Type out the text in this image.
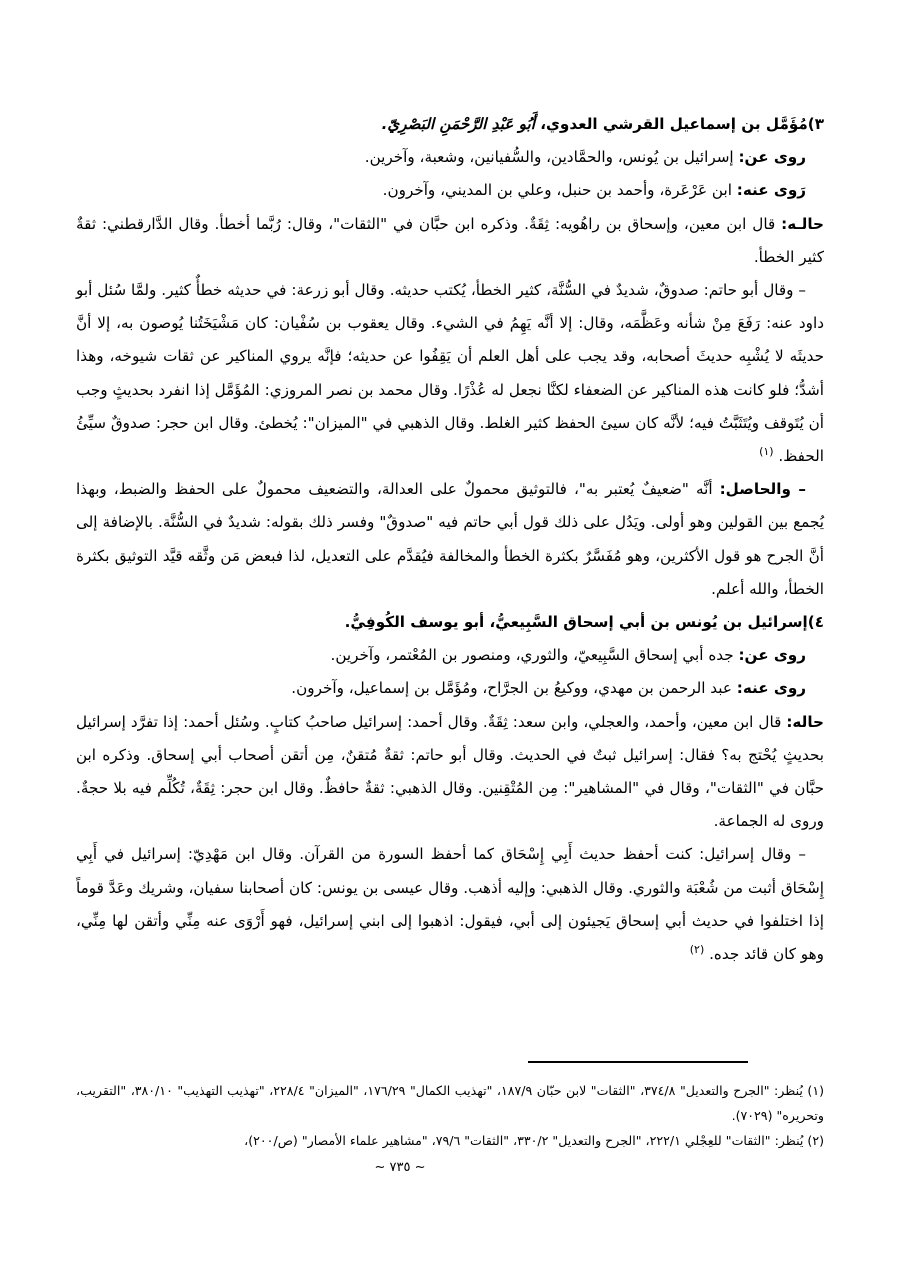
٣)مُؤَمَّل بن إسماعيل القرشي العدوي، أَبُو عَبْدِ الرَّحْمَنِ البَصْرِيّ.

روى عن: إسرائيل بن يُونس، والحمَّادين، والسُّفيانين، وشعبة، وآخرين.

رَوى عنه: ابن عَرْعَرة، وأحمد بن حنبل، وعلي بن المديني، وآخرون.

حالـه: قال ابن معين، وإسحاق بن راهُويه: ثِقَةٌ. وذكره ابن حبَّان في "الثقات"، وقال: رُبَّما أخطأ. وقال الدَّارقطني: ثقةٌ كثير الخطأ.

– وقال أبو حاتم: صدوقٌ، شديدٌ في السُّنَّة، كثير الخطأ، يُكتب حديثه. وقال أبو زرعة: في حديثه خطأٌ كثير. ولمَّا سُئل أبو داود عنه: رَفَعَ مِنْ شأنه وعَظَّمَه، وقال: إلا أنَّه يَهِمُ في الشيء. وقال يعقوب بن سُفْيان: كان مَشْيَخَتُنا يُوصون به، إلا أنَّ حديثَه لا يُشْبِه حديثَ أصحابه، وقد يجب على أهل العلم أن يَقِفُوا عن حديثه؛ فإنَّه يروي المناكير عن ثقات شيوخه، وهذا أشدُّ؛ فلو كانت هذه المناكير عن الضعفاء لكنَّا نجعل له عُذْرًا. وقال محمد بن نصر المروزي: المُؤَمَّل إذا انفرد بحديثٍ وجب أن يُتَوقف ويُتَثَبَّتُ فيه؛ لأنَّه كان سيئ الحفظ كثير الغلط. وقال الذهبي في "الميزان": يُخطئ. وقال ابن حجر: صدوقٌ سيِّئُ الحفظ. $^{(١)}$

– والحاصل: أنَّه "ضعيفٌ يُعتبر به"، فالتوثيق محمولٌ على العدالة، والتضعيف محمولٌ على الحفظ والضبط، وبهذا يُجمع بين القولين وهو أولى. ويَدُل على ذلك قول أبي حاتم فيه "صدوقٌ" وفسر ذلك بقوله: شديدٌ في السُّنَّة. بالإضافة إلى أنَّ الجرح هو قول الأكثرين، وهو مُفَسَّرٌ بكثرة الخطأ والمخالفة فيُقدَّم على التعديل، لذا فبعض مَن وثَّقه قيَّد التوثيق بكثرة الخطأ، والله أعلم.

٤)إسرائيل بن يُونس بن أبي إسحاق السَّبِيعيُّ، أبو يوسف الكُوفِيُّ.

روى عن: جده أبي إسحاق السَّبِيعيّ، والثوري، ومنصور بن المُعْتمر، وآخرين.

روى عنه: عبد الرحمن بن مهدي، ووكيعُ بن الجرَّاح، ومُؤَمَّل بن إسماعيل، وآخرون.

حاله: قال ابن معين، وأحمد، والعجلي، وابن سعد: ثِقَةٌ. وقال أحمد: إسرائيل صاحبُ كتابٍ. وسُئل أحمد: إذا تفرَّد إسرائيل بحديثٍ يُحْتج به؟ فقال: إسرائيل ثبتٌ في الحديث. وقال أبو حاتم: ثقةٌ مُتقنٌ، مِن أتقن أصحاب أبي إسحاق. وذكره ابن حبَّان في "الثقات"، وقال في "المشاهير": مِن المُتْقِنين. وقال الذهبي: ثقةٌ حافظٌ. وقال ابن حجر: ثِقَةٌ، تُكُلِّم فيه بلا حجةٌ. وروى له الجماعة.

– وقال إسرائيل: كنت أحفظ حديث أَبِي إِسْحَاق كما أحفظ السورة من القرآن. وقال ابن مَهْدِيّ: إسرائيل في أَبِي إِسْحَاق أثبت من شُعْبَة والثوري. وقال الذهبي: وإليه أذهب. وقال عيسى بن يونس: كان أصحابنا سفيان، وشريك وعَدَّ قوماً إذا اختلفوا في حديث أبي إسحاق يَجيئون إلى أبي، فيقول: اذهبوا إلى ابني إسرائيل، فهو أَرْوَى عنه مِنِّي وأتقن لها مِنِّي، وهو كان قائد جده. $^{(٢)}$

(١) يُنظر: "الجرح والتعديل" ٣٧٤/٨، "الثقات" لابن حبّان ١٨٧/٩، "تهذيب الكمال" ١٧٦/٢٩، "الميزان" ٢٢٨/٤، "تهذيب التهذيب" ٣٨٠/١٠، "التقريب، وتحريره" (٧٠٢٩).

(٢) يُنظر: "الثقات" للعِجْلي ٢٢٢/١، "الجرح والتعديل" ٣٣٠/٢، "الثقات" ٧٩/٦، "مشاهير علماء الأمصار" (ص/٢٠٠)،

~ ٧٣٥ ~
